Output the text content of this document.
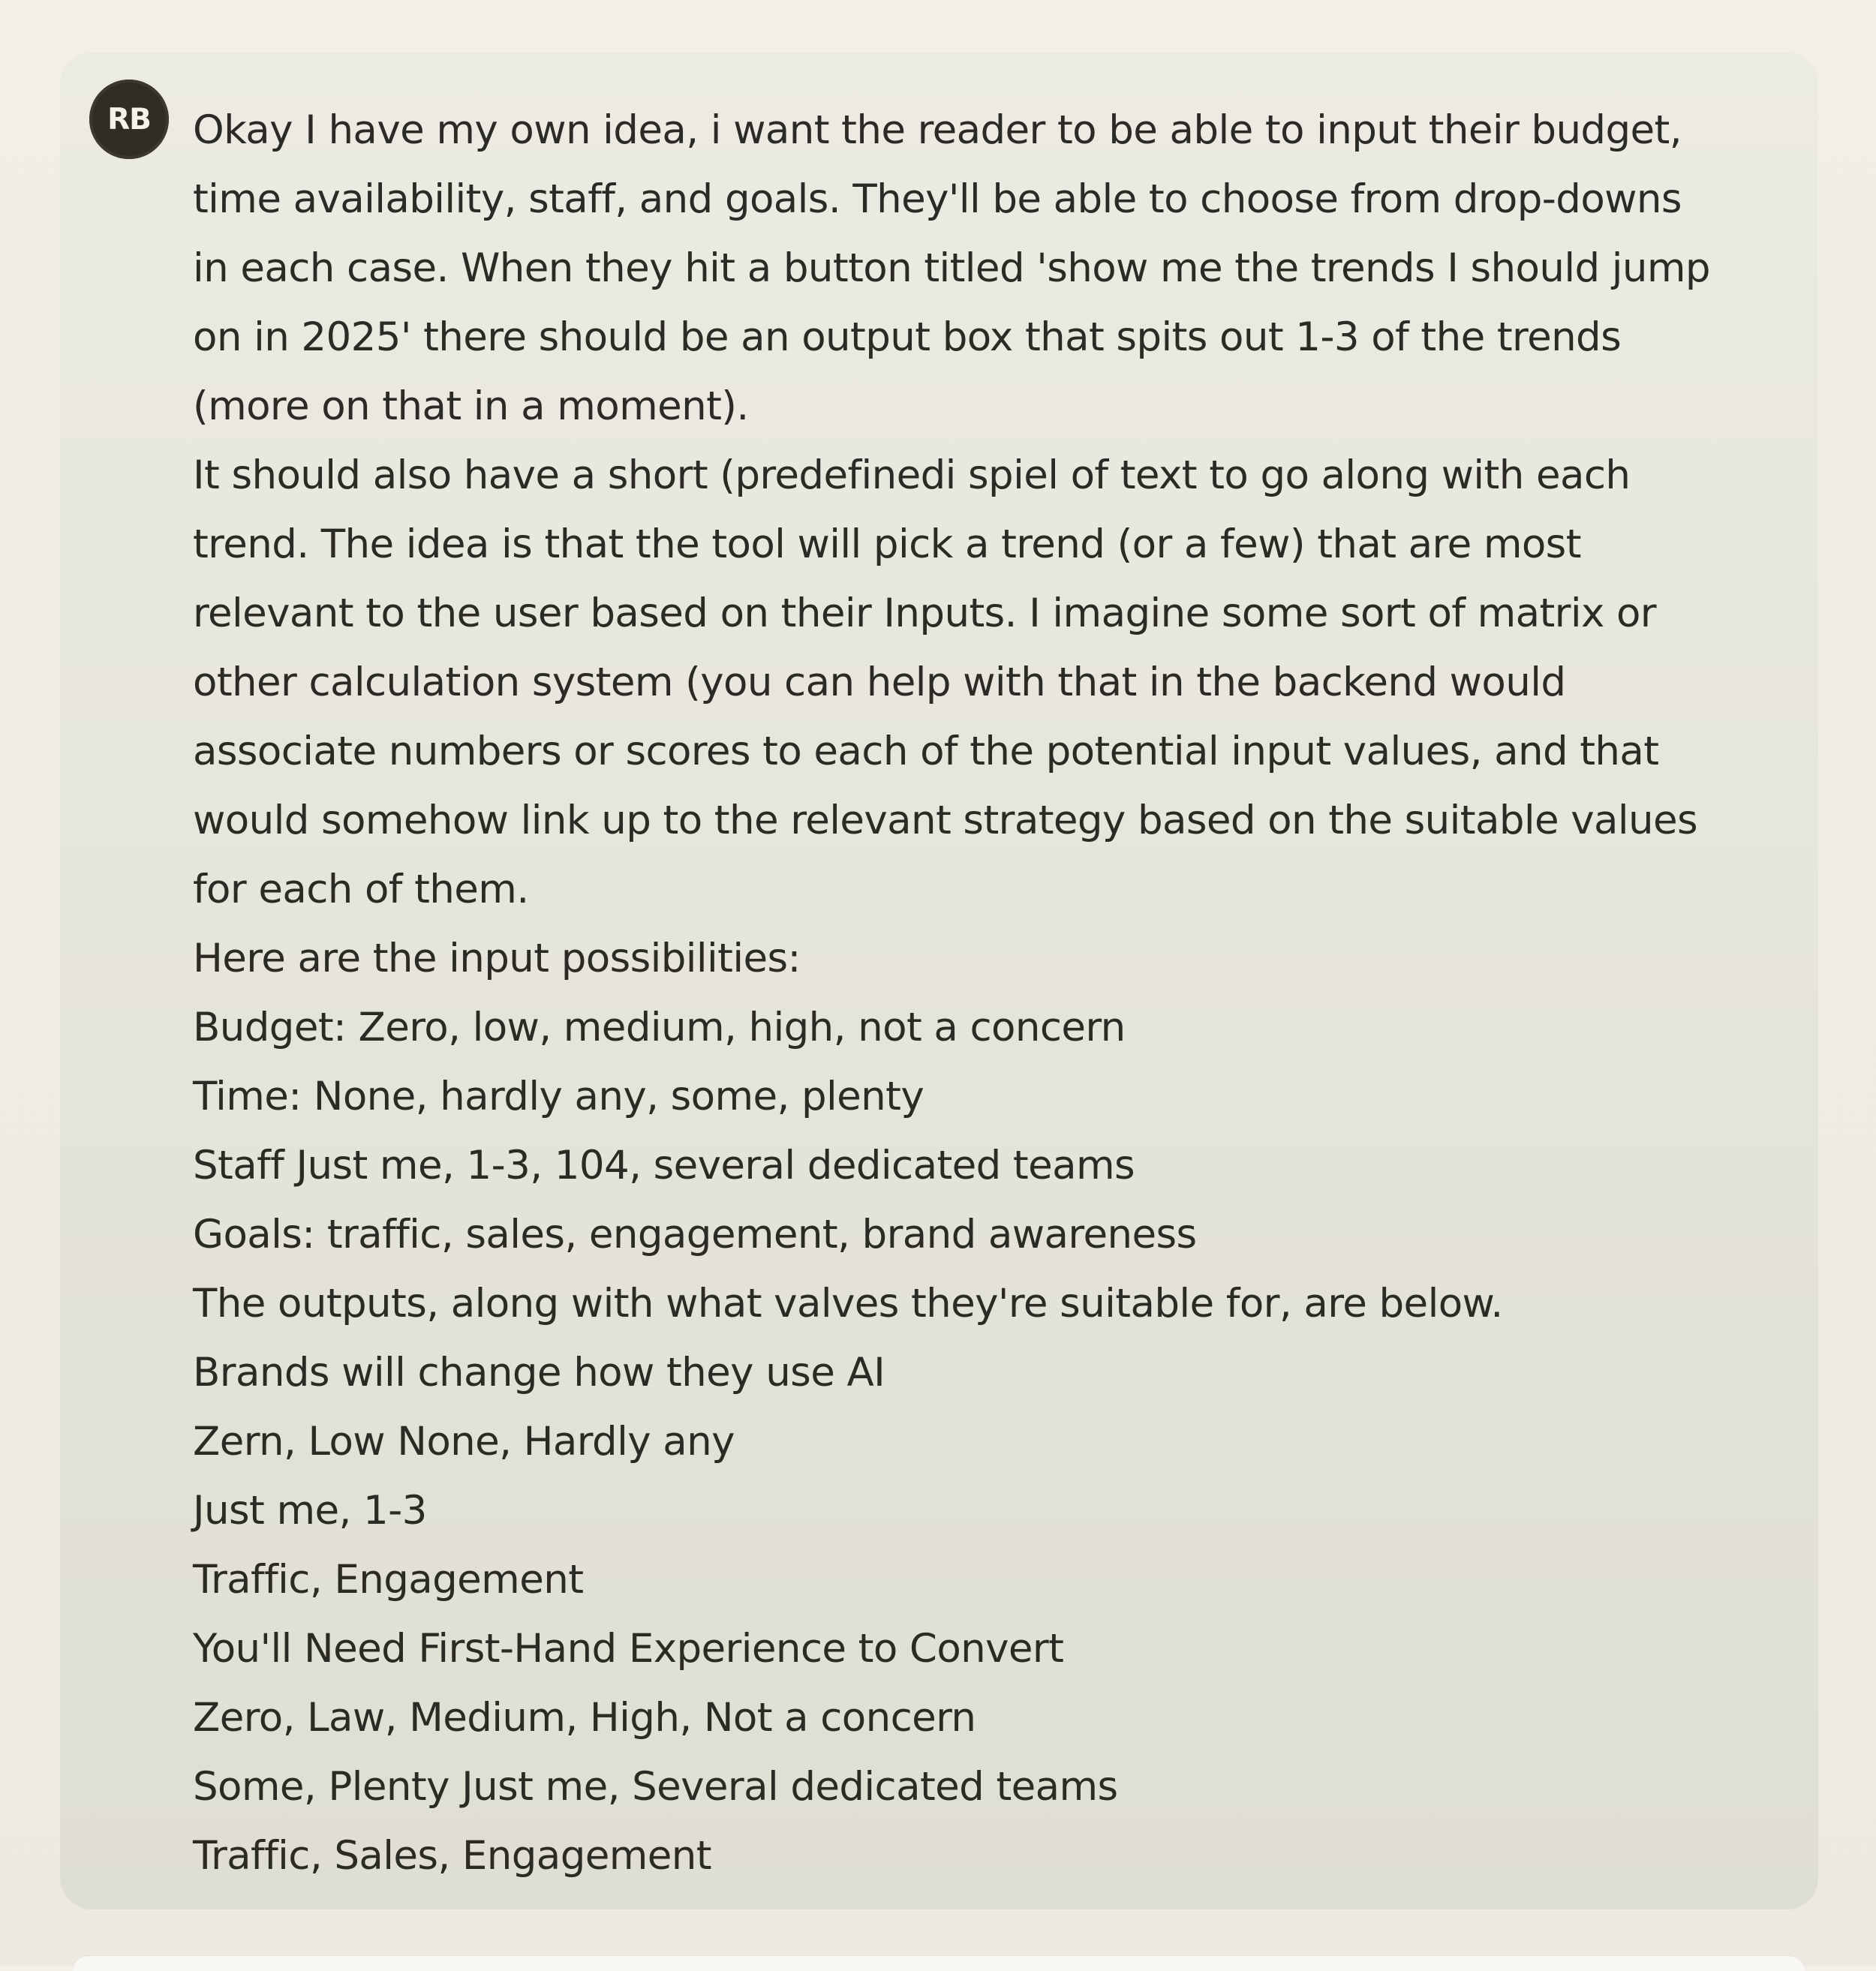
RB Okay I have my own idea, i want the reader to be able to input their budget,
time availability, staff, and goals. They'll be able to choose from drop-downs
in each case. When they hit a button titled 'show me the trends I should jump
on in 2025' there should be an output box that spits out 1-3 of the trends
(more on that in a moment).
It should also have a short (predefinedi spiel of text to go along with each
trend. The idea is that the tool will pick a trend (or a few) that are most
relevant to the user based on their Inputs. I imagine some sort of matrix or
other calculation system (you can help with that in the backend would
associate numbers or scores to each of the potential input values, and that
would somehow link up to the relevant strategy based on the suitable values
for each of them.
Here are the input possibilities:
Budget: Zero, low, medium, high, not a concern
Time: None, hardly any, some, plenty
Staff Just me, 1-3, 104, several dedicated teams
Goals: traffic, sales, engagement, brand awareness
The outputs, along with what valves they're suitable for, are below.
Brands will change how they use AI
Zern, Low None, Hardly any
Just me, 1-3
Traffic, Engagement
You'll Need First-Hand Experience to Convert
Zero, Law, Medium, High, Not a concern
Some, Plenty Just me, Several dedicated teams
Traffic, Sales, Engagement
